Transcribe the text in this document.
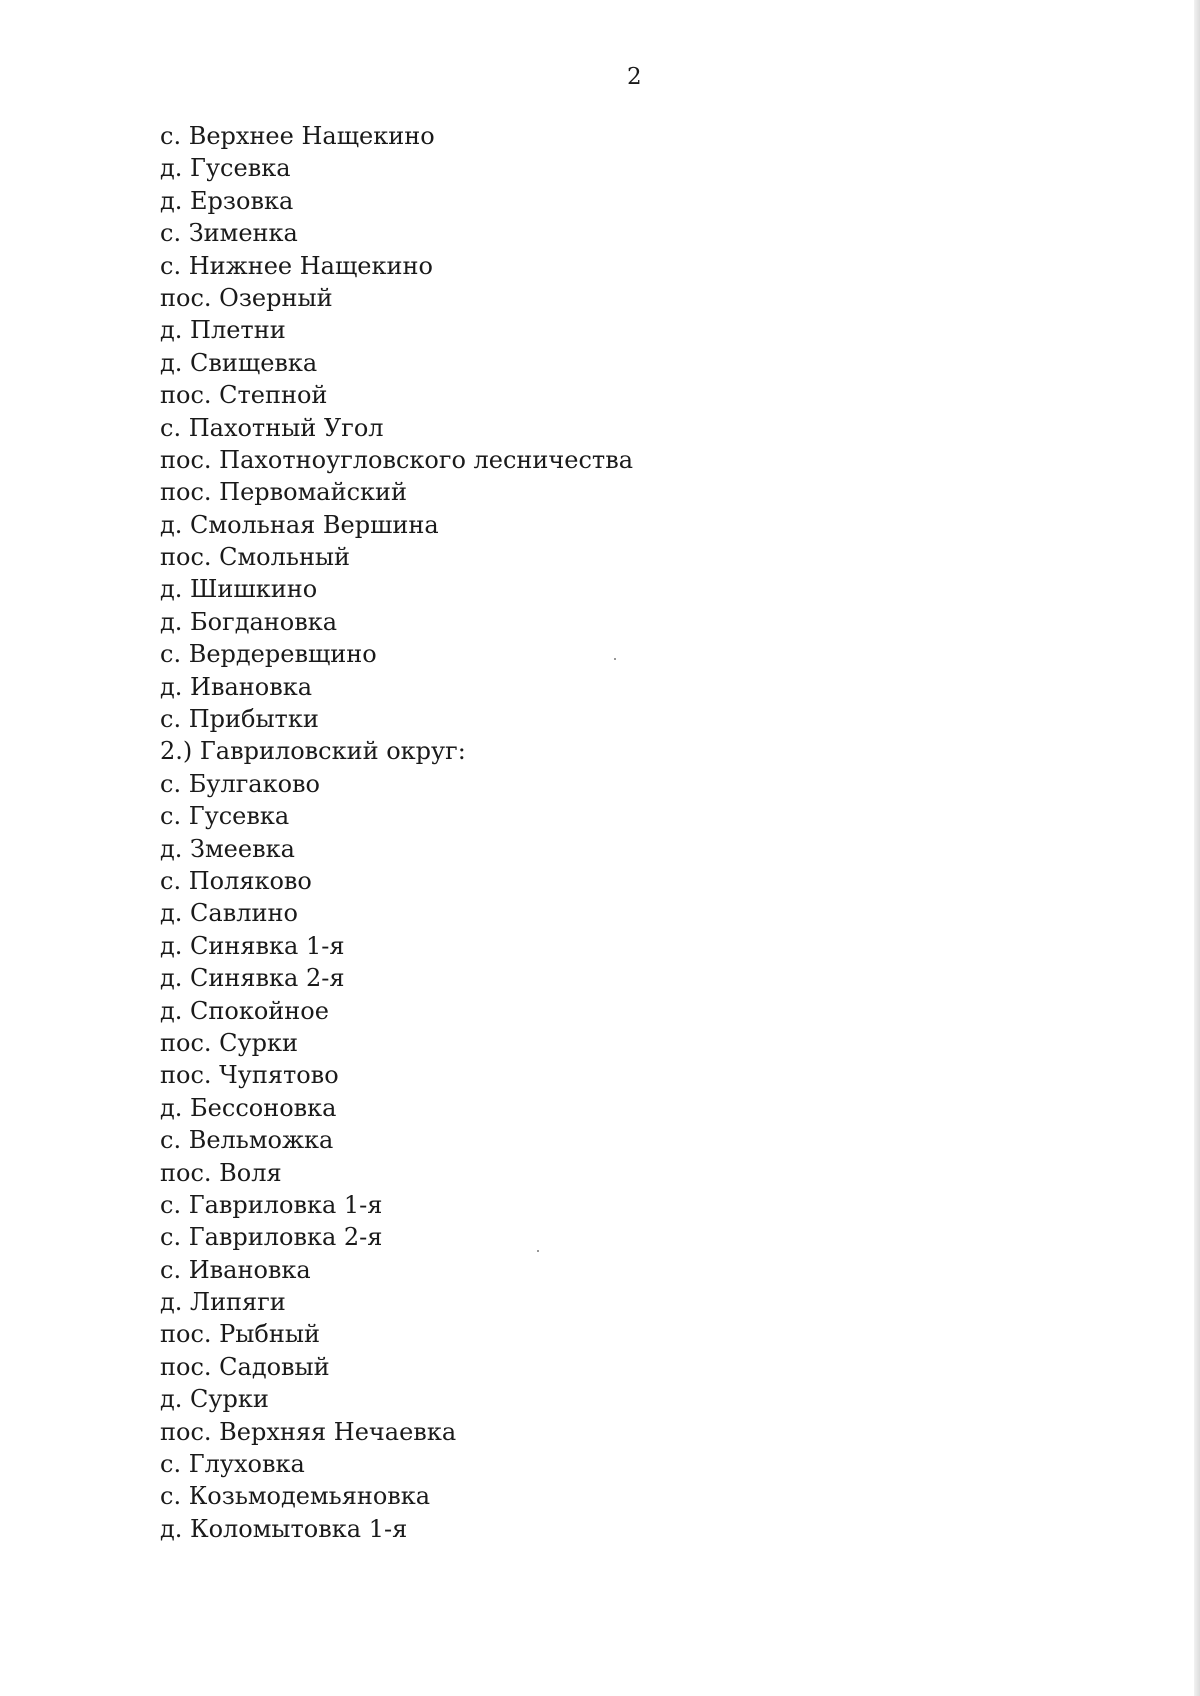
2
с. Верхнее Нащекино
д. Гусевка
д. Ерзовка
с. Зименка
с. Нижнее Нащекино
пос. Озерный
д. Плетни
д. Свищевка
пос. Степной
с. Пахотный Угол
пос. Пахотноугловского лесничества
пос. Первомайский
д. Смольная Вершина
пос. Смольный
д. Шишкино
д. Богдановка
с. Вердеревщино
д. Ивановка
с. Прибытки
2.) Гавриловский округ:
с. Булгаково
с. Гусевка
д. Змеевка
с. Поляково
д. Савлино
д. Синявка 1-я
д. Синявка 2-я
д. Спокойное
пос. Сурки
пос. Чупятово
д. Бессоновка
с. Вельможка
пос. Воля
с. Гавриловка 1-я
с. Гавриловка 2-я
с. Ивановка
д. Липяги
пос. Рыбный
пос. Садовый
д. Сурки
пос. Верхняя Нечаевка
с. Глуховка
с. Козьмодемьяновка
д. Коломытовка 1-я
